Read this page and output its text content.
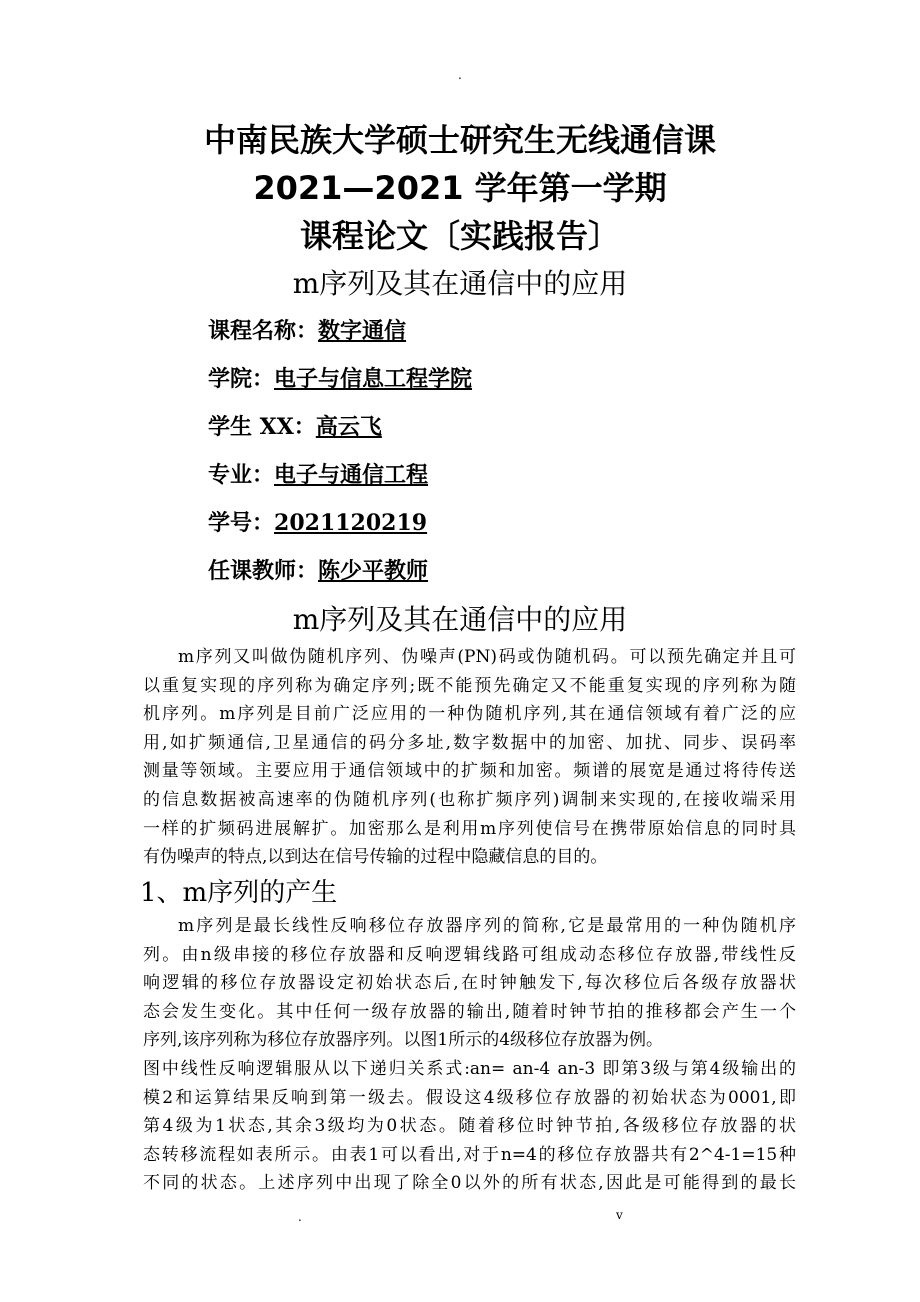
.
中南民族大学硕士研究生无线通信课
2021—2021 学年第一学期
课程论文〔实践报告〕
m序列及其在通信中的应用
课程名称：数字通信
学院：电子与信息工程学院
学生 XX：高云飞
专业：电子与通信工程
学号：2021120219
任课教师：陈少平教师
m序列及其在通信中的应用
m序列又叫做伪随机序列、伪噪声(PN)码或伪随机码。可以预先确定并且可
以重复实现的序列称为确定序列;既不能预先确定又不能重复实现的序列称为随
机序列。m序列是目前广泛应用的一种伪随机序列,其在通信领域有着广泛的应
用,如扩频通信,卫星通信的码分多址,数字数据中的加密、加扰、同步、误码率
测量等领域。主要应用于通信领域中的扩频和加密。频谱的展宽是通过将待传送
的信息数据被高速率的伪随机序列(也称扩频序列)调制来实现的,在接收端采用
一样的扩频码进展解扩。加密那么是利用m序列使信号在携带原始信息的同时具
有伪噪声的特点,以到达在信号传输的过程中隐藏信息的目的。
1、m序列的产生
m序列是最长线性反响移位存放器序列的简称,它是最常用的一种伪随机序
列。由n级串接的移位存放器和反响逻辑线路可组成动态移位存放器,带线性反
响逻辑的移位存放器设定初始状态后,在时钟触发下,每次移位后各级存放器状
态会发生变化。其中任何一级存放器的输出,随着时钟节拍的推移都会产生一个
序列,该序列称为移位存放器序列。以图1所示的4级移位存放器为例。
图中线性反响逻辑服从以下递归关系式:an= an-4 an-3 即第3级与第4级输出的
模2和运算结果反响到第一级去。假设这4级移位存放器的初始状态为0001,即
第4级为1状态,其余3级均为0状态。随着移位时钟节拍,各级移位存放器的状
态转移流程如表所示。由表1可以看出,对于n=4的移位存放器共有2^4-1=15种
不同的状态。上述序列中出现了除全0以外的所有状态,因此是可能得到的最长
.	v
